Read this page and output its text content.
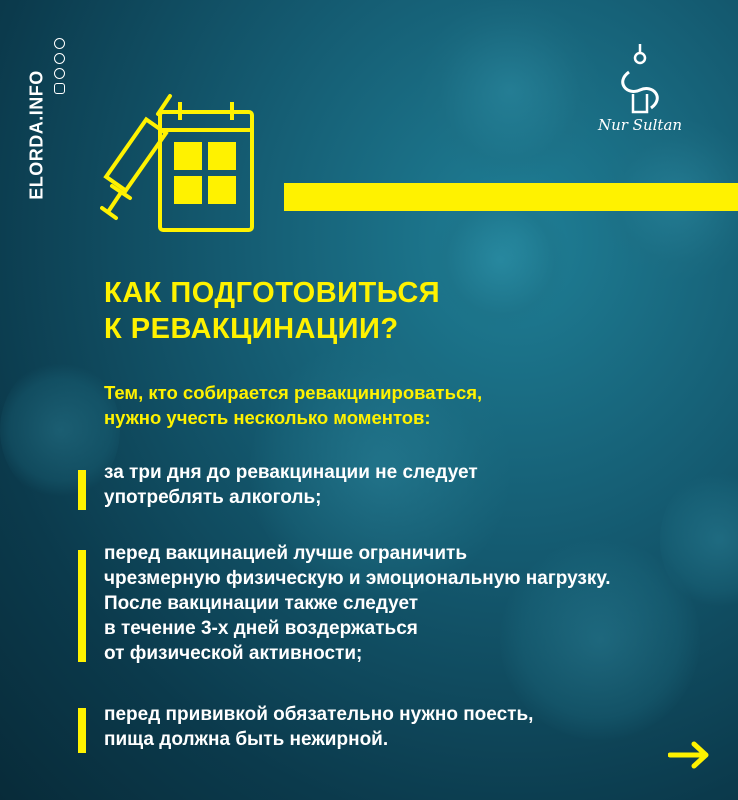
ELORDA.INFO	Nur Sultan
КАК ПОДГОТОВИТЬСЯ
К РЕВАКЦИНАЦИИ?
Тем, кто собирается ревакцинироваться,
нужно учесть несколько моментов:
за три дня до ревакцинации не следует
употреблять алкоголь;
перед вакцинацией лучше ограничить
чрезмерную физическую и эмоциональную нагрузку.
После вакцинации также следует
в течение 3-х дней воздержаться
от физической активности;
перед прививкой обязательно нужно поесть,
пища должна быть нежирной.
